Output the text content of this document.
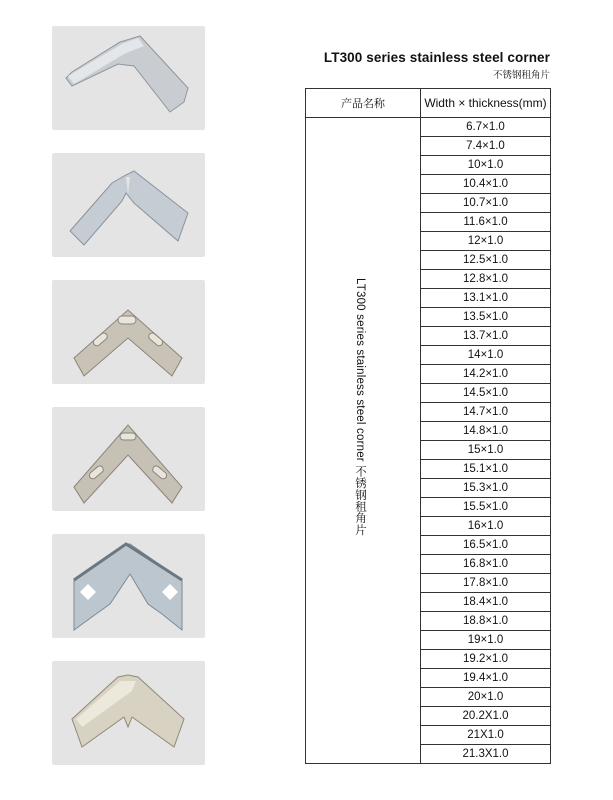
LT300 series stainless steel corner
不锈钢租角片
产品名称	Width × thickness(mm)

LT300 series stainless steel corner 不锈钢租角片	6.7×1.0
	7.4×1.0
	10×1.0
	10.4×1.0
	10.7×1.0
	11.6×1.0
	12×1.0
	12.5×1.0
	12.8×1.0
	13.1×1.0
	13.5×1.0
	13.7×1.0
	14×1.0
	14.2×1.0
	14.5×1.0
	14.7×1.0
	14.8×1.0
	15×1.0
	15.1×1.0
	15.3×1.0
	15.5×1.0
	16×1.0
	16.5×1.0
	16.8×1.0
	17.8×1.0
	18.4×1.0
	18.8×1.0
	19×1.0
	19.2×1.0
	19.4×1.0
	20×1.0
	20.2X1.0
	21X1.0
	21.3X1.0
